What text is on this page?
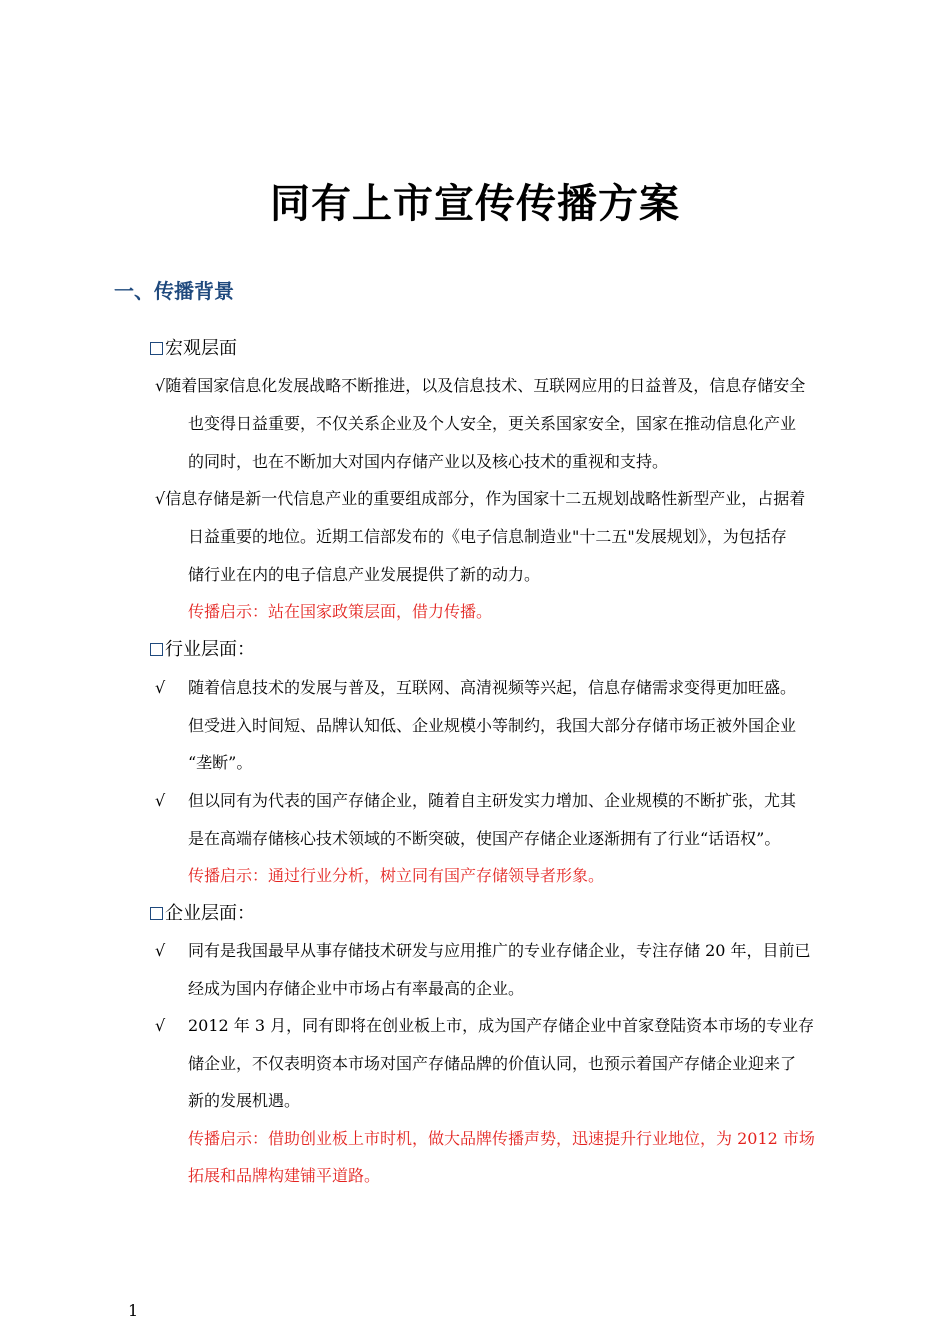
同有上市宣传传播方案
一、传播背景
宏观层面
√随着国家信息化发展战略不断推进，以及信息技术、互联网应用的日益普及，信息存储安全
也变得日益重要，不仅关系企业及个人安全，更关系国家安全，国家在推动信息化产业
的同时，也在不断加大对国内存储产业以及核心技术的重视和支持。
√信息存储是新一代信息产业的重要组成部分，作为国家十二五规划战略性新型产业，占据着
日益重要的地位。近期工信部发布的《电子信息制造业"十二五"发展规划》，为包括存
储行业在内的电子信息产业发展提供了新的动力。
传播启示：站在国家政策层面，借力传播。
行业层面：
√ 随着信息技术的发展与普及，互联网、高清视频等兴起，信息存储需求变得更加旺盛。
但受进入时间短、品牌认知低、企业规模小等制约，我国大部分存储市场正被外国企业
“垄断”。
√ 但以同有为代表的国产存储企业，随着自主研发实力增加、企业规模的不断扩张，尤其
是在高端存储核心技术领域的不断突破，使国产存储企业逐渐拥有了行业“话语权”。
传播启示：通过行业分析，树立同有国产存储领导者形象。
企业层面：
√ 同有是我国最早从事存储技术研发与应用推广的专业存储企业，专注存储 20 年，目前已
经成为国内存储企业中市场占有率最高的企业。
√ 2012 年 3 月，同有即将在创业板上市，成为国产存储企业中首家登陆资本市场的专业存
储企业，不仅表明资本市场对国产存储品牌的价值认同，也预示着国产存储企业迎来了
新的发展机遇。
传播启示：借助创业板上市时机，做大品牌传播声势，迅速提升行业地位，为 2012 市场
拓展和品牌构建铺平道路。
1
